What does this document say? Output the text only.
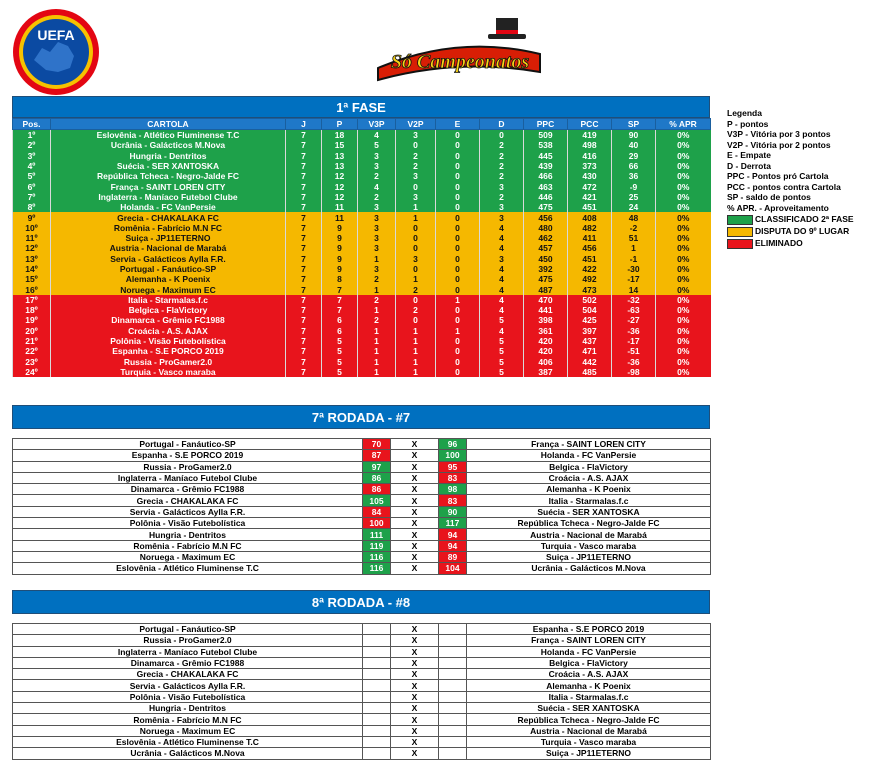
UEFA
Só Campeonatos
TEMPORADA 2019
1ª FASE
Pos.	CARTOLA	J	P	V3P	V2P	E	D	PPC	PCC	SP	% APR
1º	Eslovênia - Atlético Fluminense T.C	7	18	4	3	0	0	509	419	90	0%
2º	Ucrânia - Galácticos M.Nova	7	15	5	0	0	2	538	498	40	0%
3º	Hungria - Dentritos	7	13	3	2	0	2	445	416	29	0%
4º	Suécia - SER XANTOSKA	7	13	3	2	0	2	439	373	66	0%
5º	República Tcheca - Negro-Jalde FC	7	12	2	3	0	2	466	430	36	0%
6º	França - SAINT LOREN CITY	7	12	4	0	0	3	463	472	-9	0%
7º	Inglaterra - Maníaco Futebol Clube	7	12	2	3	0	2	446	421	25	0%
8º	Holanda - FC VanPersie	7	11	3	1	0	3	475	451	24	0%
9º	Grecia - CHAKALAKA FC	7	11	3	1	0	3	456	408	48	0%
10º	Romênia - Fabrício M.N FC	7	9	3	0	0	4	480	482	-2	0%
11º	Suiça - JP11ETERNO	7	9	3	0	0	4	462	411	51	0%
12º	Austria - Nacional de Marabá	7	9	3	0	0	4	457	456	1	0%
13º	Servia - Galácticos Aylla F.R.	7	9	1	3	0	3	450	451	-1	0%
14º	Portugal - Fanáutico-SP	7	9	3	0	0	4	392	422	-30	0%
15º	Alemanha - K Poenix	7	8	2	1	0	4	475	492	-17	0%
16º	Noruega - Maximum EC	7	7	1	2	0	4	487	473	14	0%
17º	Italia - Starmalas.f.c	7	7	2	0	1	4	470	502	-32	0%
18º	Belgica - FlaVictory	7	7	1	2	0	4	441	504	-63	0%
19º	Dinamarca - Grêmio FC1988	7	6	2	0	0	5	398	425	-27	0%
20º	Croácia - A.S. AJAX	7	6	1	1	1	4	361	397	-36	0%
21º	Polônia - Visão Futebolística	7	5	1	1	0	5	420	437	-17	0%
22º	Espanha - S.E PORCO 2019	7	5	1	1	0	5	420	471	-51	0%
23º	Russia - ProGamer2.0	7	5	1	1	0	5	406	442	-36	0%
24º	Turquia - Vasco maraba	7	5	1	1	0	5	387	485	-98	0%
7ª RODADA - #7
Portugal - Fanáutico-SP	70	X	96	França - SAINT LOREN CITY
Espanha - S.E PORCO 2019	87	X	100	Holanda - FC VanPersie
Russia - ProGamer2.0	97	X	95	Belgica - FlaVictory
Inglaterra - Maníaco Futebol Clube	86	X	83	Croácia - A.S. AJAX
Dinamarca - Grêmio FC1988	86	X	98	Alemanha - K Poenix
Grecia - CHAKALAKA FC	105	X	83	Italia - Starmalas.f.c
Servia - Galácticos Aylla F.R.	84	X	90	Suécia - SER XANTOSKA
Polônia - Visão Futebolística	100	X	117	República Tcheca - Negro-Jalde FC
Hungria - Dentritos	111	X	94	Austria - Nacional de Marabá
Romênia - Fabrício M.N FC	119	X	94	Turquia - Vasco maraba
Noruega - Maximum EC	116	X	89	Suiça - JP11ETERNO
Eslovênia - Atlético Fluminense T.C	116	X	104	Ucrânia - Galácticos M.Nova
8ª RODADA - #8
Portugal - Fanáutico-SP		X		Espanha - S.E PORCO 2019
Russia - ProGamer2.0		X		França - SAINT LOREN CITY
Inglaterra - Maníaco Futebol Clube		X		Holanda - FC VanPersie
Dinamarca - Grêmio FC1988		X		Belgica - FlaVictory
Grecia - CHAKALAKA FC		X		Croácia - A.S. AJAX
Servia - Galácticos Aylla F.R.		X		Alemanha - K Poenix
Polônia - Visão Futebolística		X		Italia - Starmalas.f.c
Hungria - Dentritos		X		Suécia - SER XANTOSKA
Romênia - Fabrício M.N FC		X		República Tcheca - Negro-Jalde FC
Noruega - Maximum EC		X		Austria - Nacional de Marabá
Eslovênia - Atlético Fluminense T.C		X		Turquia - Vasco maraba
Ucrânia - Galácticos M.Nova		X		Suiça - JP11ETERNO
Legenda
P - pontos
V3P - Vitória por 3 pontos
V2P - Vitória por 2 pontos
E - Empate
D - Derrota
PPC - Pontos pró Cartola
PCC - pontos contra Cartola
SP - saldo de pontos
% APR. - Aproveitamento
CLASSIFICADO 2ª FASE
DISPUTA DO 9º LUGAR
ELIMINADO
